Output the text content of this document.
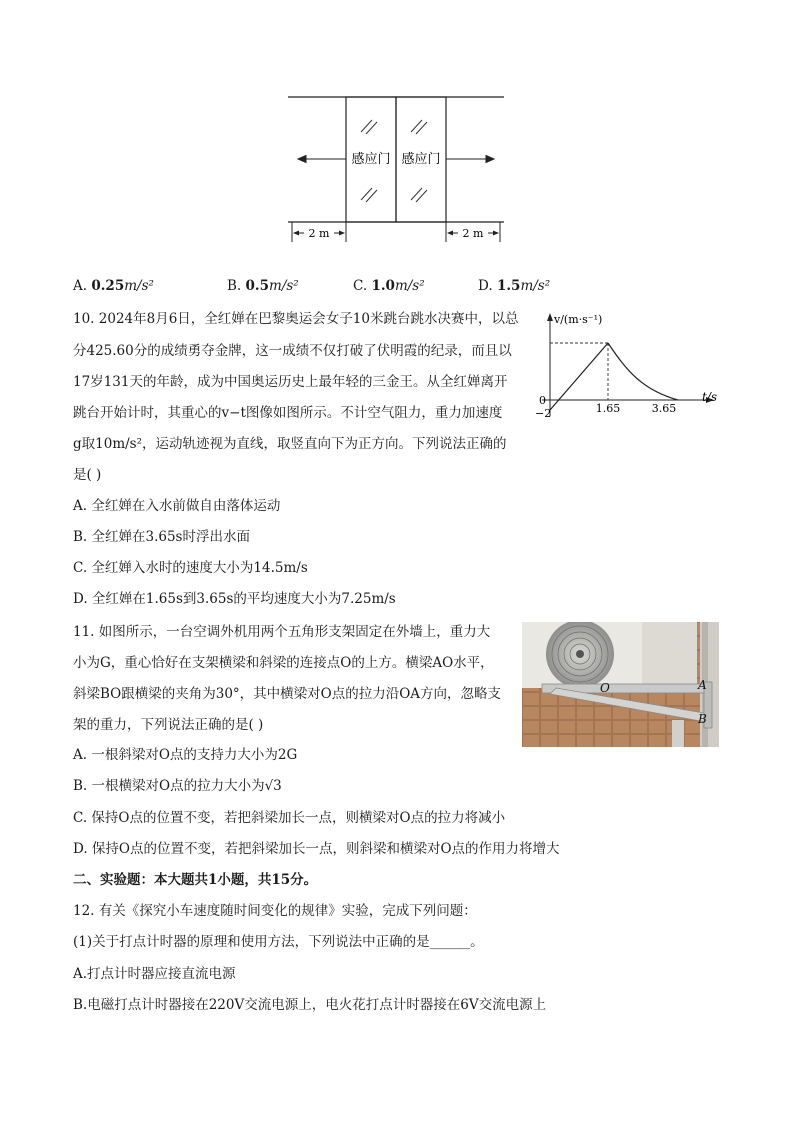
感应门 感应门
2 m	2 m
A. 0.25m/s²	B. 0.5m/s²	C. 1.0m/s²	D. 1.5m/s²
10. 2024年8月6日，全红婵在巴黎奥运会女子10米跳台跳水决赛中，以总
分425.60分的成绩勇夺金牌，这一成绩不仅打破了伏明霞的纪录，而且以
17岁131天的年龄，成为中国奥运历史上最年轻的三金王。从全红婵离开
跳台开始计时，其重心的v−t图像如图所示。不计空气阻力，重力加速度
g取10m/s²，运动轨迹视为直线，取竖直向下为正方向。下列说法正确的
是( )
v/(m·s⁻¹)
t/s
0
−2	1.65	3.65
A. 全红婵在入水前做自由落体运动
B. 全红婵在3.65s时浮出水面
C. 全红婵入水时的速度大小为14.5m/s
D. 全红婵在1.65s到3.65s的平均速度大小为7.25m/s
11. 如图所示，一台空调外机用两个五角形支架固定在外墙上，重力大
小为G，重心恰好在支架横梁和斜梁的连接点O的上方。横梁AO水平，
斜梁BO跟横梁的夹角为30°，其中横梁对O点的拉力沿OA方向，忽略支
架的重力，下列说法正确的是( )
O	A
B
A. 一根斜梁对O点的支持力大小为2G
B. 一根横梁对O点的拉力大小为√3
C. 保持O点的位置不变，若把斜梁加长一点，则横梁对O点的拉力将减小
D. 保持O点的位置不变，若把斜梁加长一点，则斜梁和横梁对O点的作用力将增大
二、实验题：本大题共1小题，共15分。
12. 有关《探究小车速度随时间变化的规律》实验，完成下列问题：
(1)关于打点计时器的原理和使用方法，下列说法中正确的是______。
A.打点计时器应接直流电源
B.电磁打点计时器接在220V交流电源上，电火花打点计时器接在6V交流电源上
